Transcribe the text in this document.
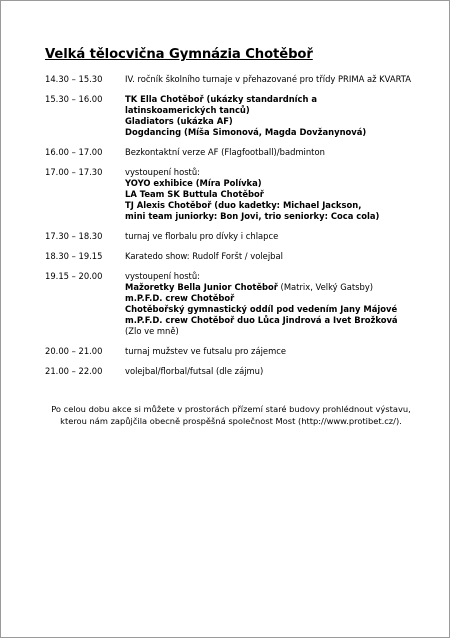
Velká tělocvična Gymnázia Chotěboř
14.30 – 15.30	IV. ročník školního turnaje v přehazované pro třídy PRIMA až KVARTA
15.30 – 16.00	TK Ella Chotěboř (ukázky standardních a latinskoamerických tanců)
Gladiators (ukázka AF)
Dogdancing (Míša Simonová, Magda Dovžanynová)
16.00 – 17.00	Bezkontaktní verze AF (Flagfootball)/badminton
17.00 – 17.30	vystoupení hostů:
YOYO exhibice (Míra Polívka)
LA Team SK Buttula Chotěboř
TJ Alexis Chotěboř (duo kadetky: Michael Jackson,
mini team juniorky: Bon Jovi, trio seniorky: Coca cola)
17.30 – 18.30	turnaj ve florbalu pro dívky i chlapce
18.30 – 19.15	Karatedo show: Rudolf Foršt / volejbal
19.15 – 20.00	vystoupení hostů:
Mažoretky Bella Junior Chotěboř (Matrix, Velký Gatsby)
m.P.F.D. crew Chotěboř
Chotěbořský gymnastický oddíl pod vedením Jany Májové
m.P.F.D. crew Chotěboř duo Lůca Jindrová a Ivet Brožková
(Zlo ve mně)
20.00 – 21.00	turnaj mužstev ve futsalu pro zájemce
21.00 – 22.00	volejbal/florbal/futsal (dle zájmu)
Po celou dobu akce si můžete v prostorách přízemí staré budovy prohlédnout výstavu,
kterou nám zapůjčila obecně prospěšná společnost Most (http://www.protibet.cz/).
